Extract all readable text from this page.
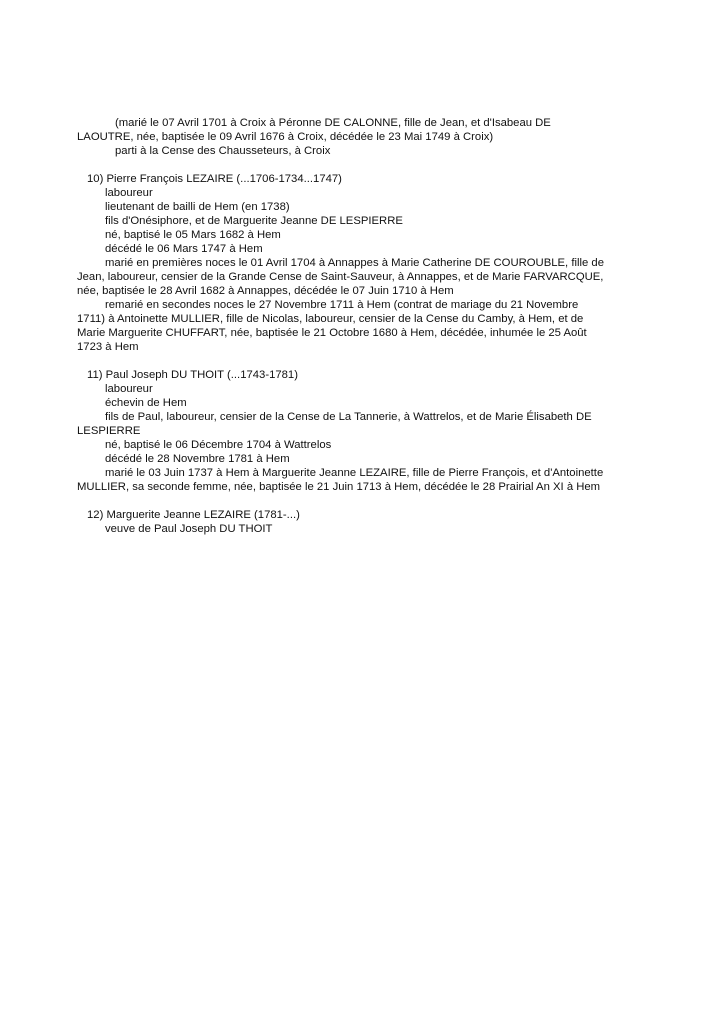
(marié le 07 Avril 1701 à Croix à Péronne DE CALONNE, fille de Jean, et d'Isabeau DE
LAOUTRE, née, baptisée le 09 Avril 1676 à Croix, décédée le 23 Mai 1749 à Croix)
parti à la Cense des Chausseteurs, à Croix
10) Pierre François LEZAIRE (...1706-1734...1747)
laboureur
lieutenant de bailli de Hem (en 1738)
fils d'Onésiphore, et de Marguerite Jeanne DE LESPIERRE
né, baptisé le 05 Mars 1682 à Hem
décédé le 06 Mars 1747 à Hem
marié en premières noces le 01 Avril 1704 à Annappes à Marie Catherine DE COUROUBLE, fille de
Jean, laboureur, censier de la Grande Cense de Saint-Sauveur, à Annappes, et de Marie FARVARCQUE,
née, baptisée le 28 Avril 1682 à Annappes, décédée le 07 Juin 1710 à Hem
remarié en secondes noces le 27 Novembre 1711 à Hem (contrat de mariage du 21 Novembre
1711) à Antoinette MULLIER, fille de Nicolas, laboureur, censier de la Cense du Camby, à Hem, et de
Marie Marguerite CHUFFART, née, baptisée le 21 Octobre 1680 à Hem, décédée, inhumée le 25 Août
1723 à Hem
11) Paul Joseph DU THOIT (...1743-1781)
laboureur
échevin de Hem
fils de Paul, laboureur, censier de la Cense de La Tannerie, à Wattrelos, et de Marie Élisabeth DE
LESPIERRE
né, baptisé le 06 Décembre 1704 à Wattrelos
décédé le 28 Novembre 1781 à Hem
marié le 03 Juin 1737 à Hem à Marguerite Jeanne LEZAIRE, fille de Pierre François, et d'Antoinette
MULLIER, sa seconde femme, née, baptisée le 21 Juin 1713 à Hem, décédée le 28 Prairial An XI à Hem
12) Marguerite Jeanne LEZAIRE (1781-...)
veuve de Paul Joseph DU THOIT
